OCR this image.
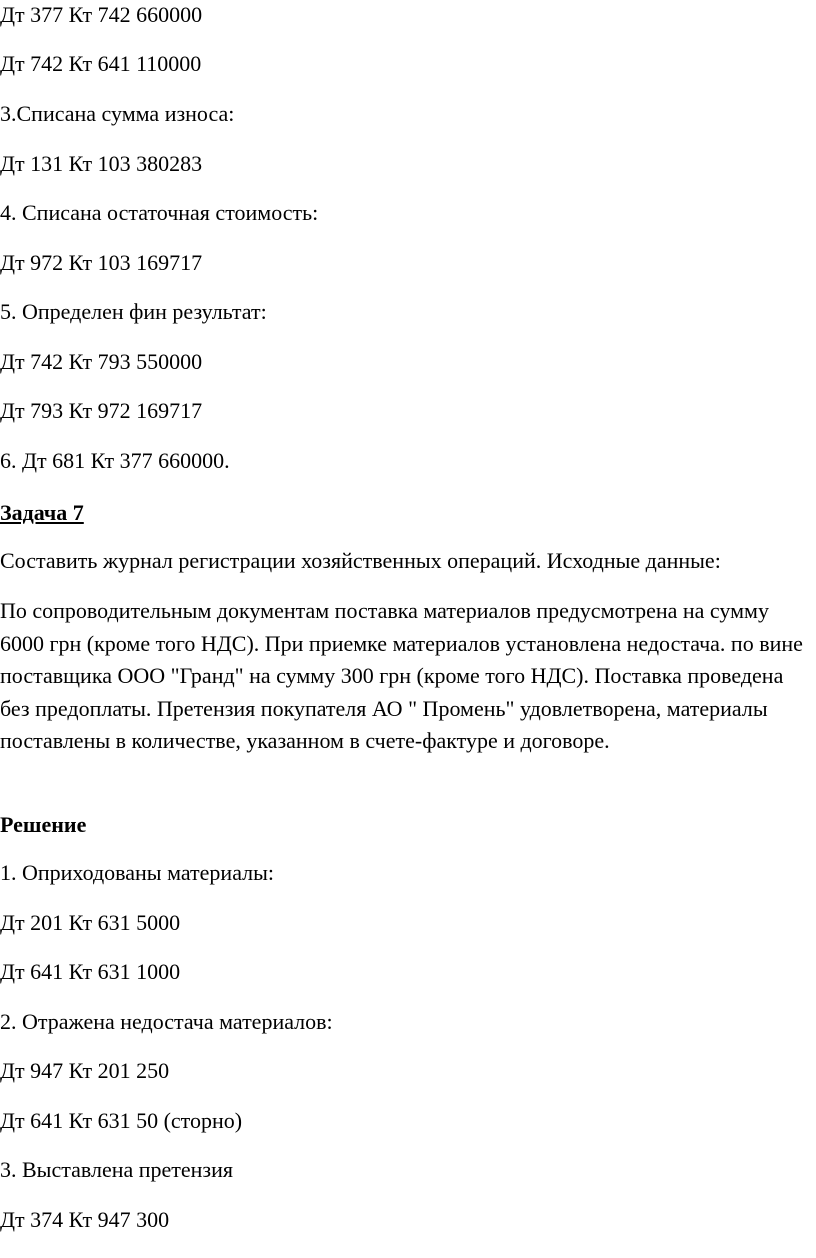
Дт 377 Кт 742 660000

Дт 742 Кт 641 110000

3.Списана сумма износа:

Дт 131 Кт 103 380283

4. Списана остаточная стоимость:

Дт 972 Кт 103 169717

5. Определен фин результат:

Дт 742 Кт 793 550000

Дт 793 Кт 972 169717

6. Дт 681 Кт 377 660000.

Задача 7

Составить журнал регистрации хозяйственных операций. Исходные данные:

По сопроводительным документам поставка материалов предусмотрена на сумму 6000 грн (кроме того НДС). При приемке материалов установлена недостача. по вине поставщика ООО "Гранд" на сумму 300 грн (кроме того НДС). Поставка проведена без предоплаты. Претензия покупателя АО " Промень" удовлетворена, материалы поставлены в количестве, указанном в счете-фактуре и договоре.

Решение

1. Оприходованы материалы:

Дт 201 Кт 631 5000

Дт 641 Кт 631 1000

2. Отражена недостача материалов:

Дт 947 Кт 201 250

Дт 641 Кт 631 50 (сторно)

3. Выставлена претензия

Дт 374 Кт 947 300
